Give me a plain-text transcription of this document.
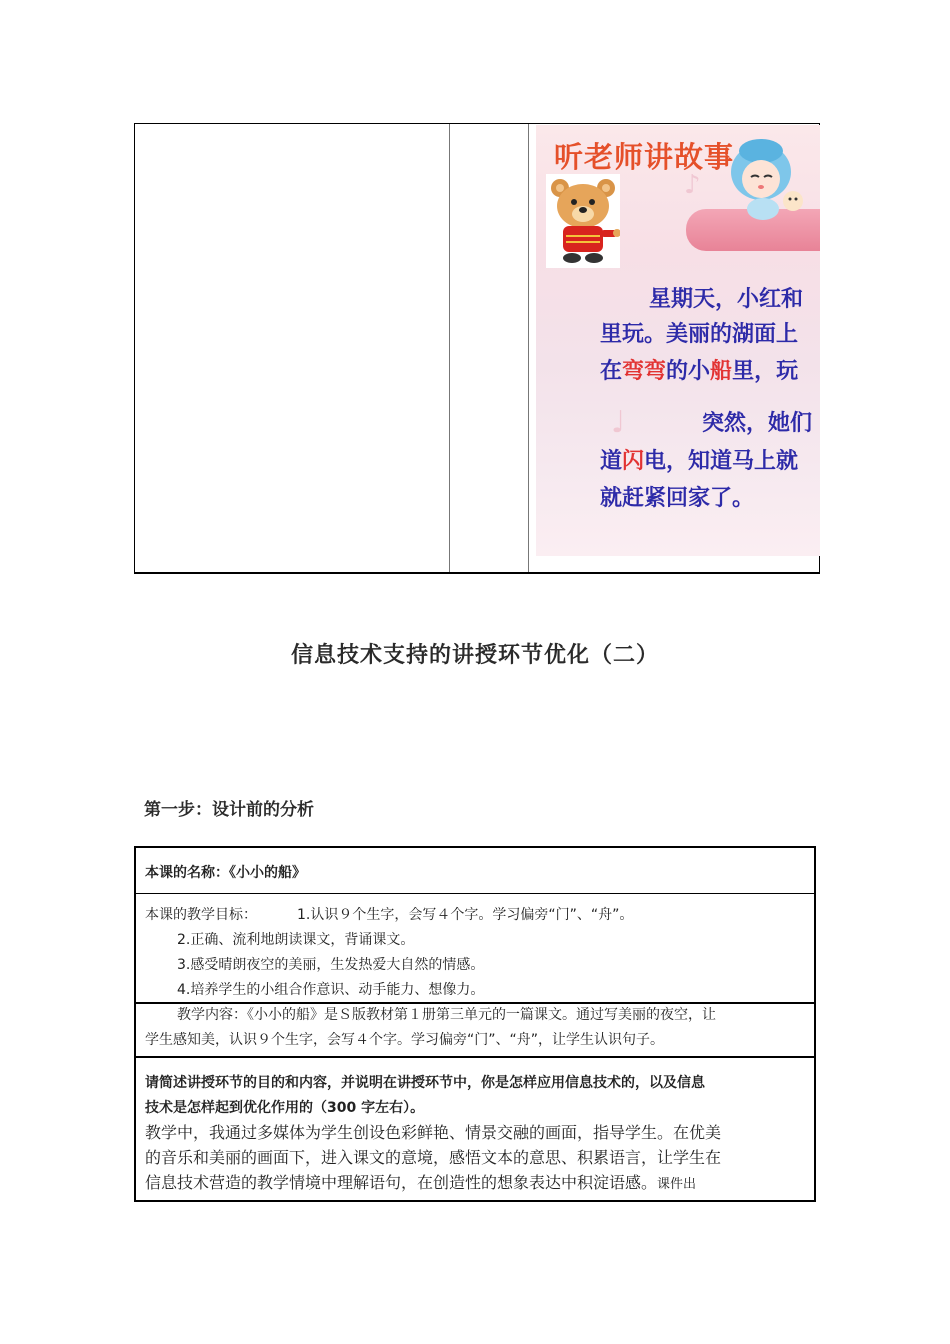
听老师讲故事
♪
♩
星期天，小红和
里玩。美丽的湖面上
在弯弯的小船里，玩
突然，她们
道闪电，知道马上就
就赶紧回家了。
信息技术支持的讲授环节优化（二）
第一步：设计前的分析
本课的名称：《小小的船》
本课的教学目标：	1.认识９个生字，会写４个字。学习偏旁“门”、“舟”。
2.正确、流利地朗读课文，背诵课文。
3.感受晴朗夜空的美丽，生发热爱大自然的情感。
4.培养学生的小组合作意识、动手能力、想像力。
教学内容：《小小的船》是Ｓ版教材第１册第三单元的一篇课文。通过写美丽的夜空，让
学生感知美，认识９个生字，会写４个字。学习偏旁“门”、“舟”，让学生认识句子。
请简述讲授环节的目的和内容，并说明在讲授环节中，你是怎样应用信息技术的，以及信息
技术是怎样起到优化作用的（300 字左右）。
教学中，我通过多媒体为学生创设色彩鲜艳、情景交融的画面，指导学生。在优美
的音乐和美丽的画面下，进入课文的意境，感悟文本的意思、积累语言，让学生在
信息技术营造的教学情境中理解语句，在创造性的想象表达中积淀语感。课件出
